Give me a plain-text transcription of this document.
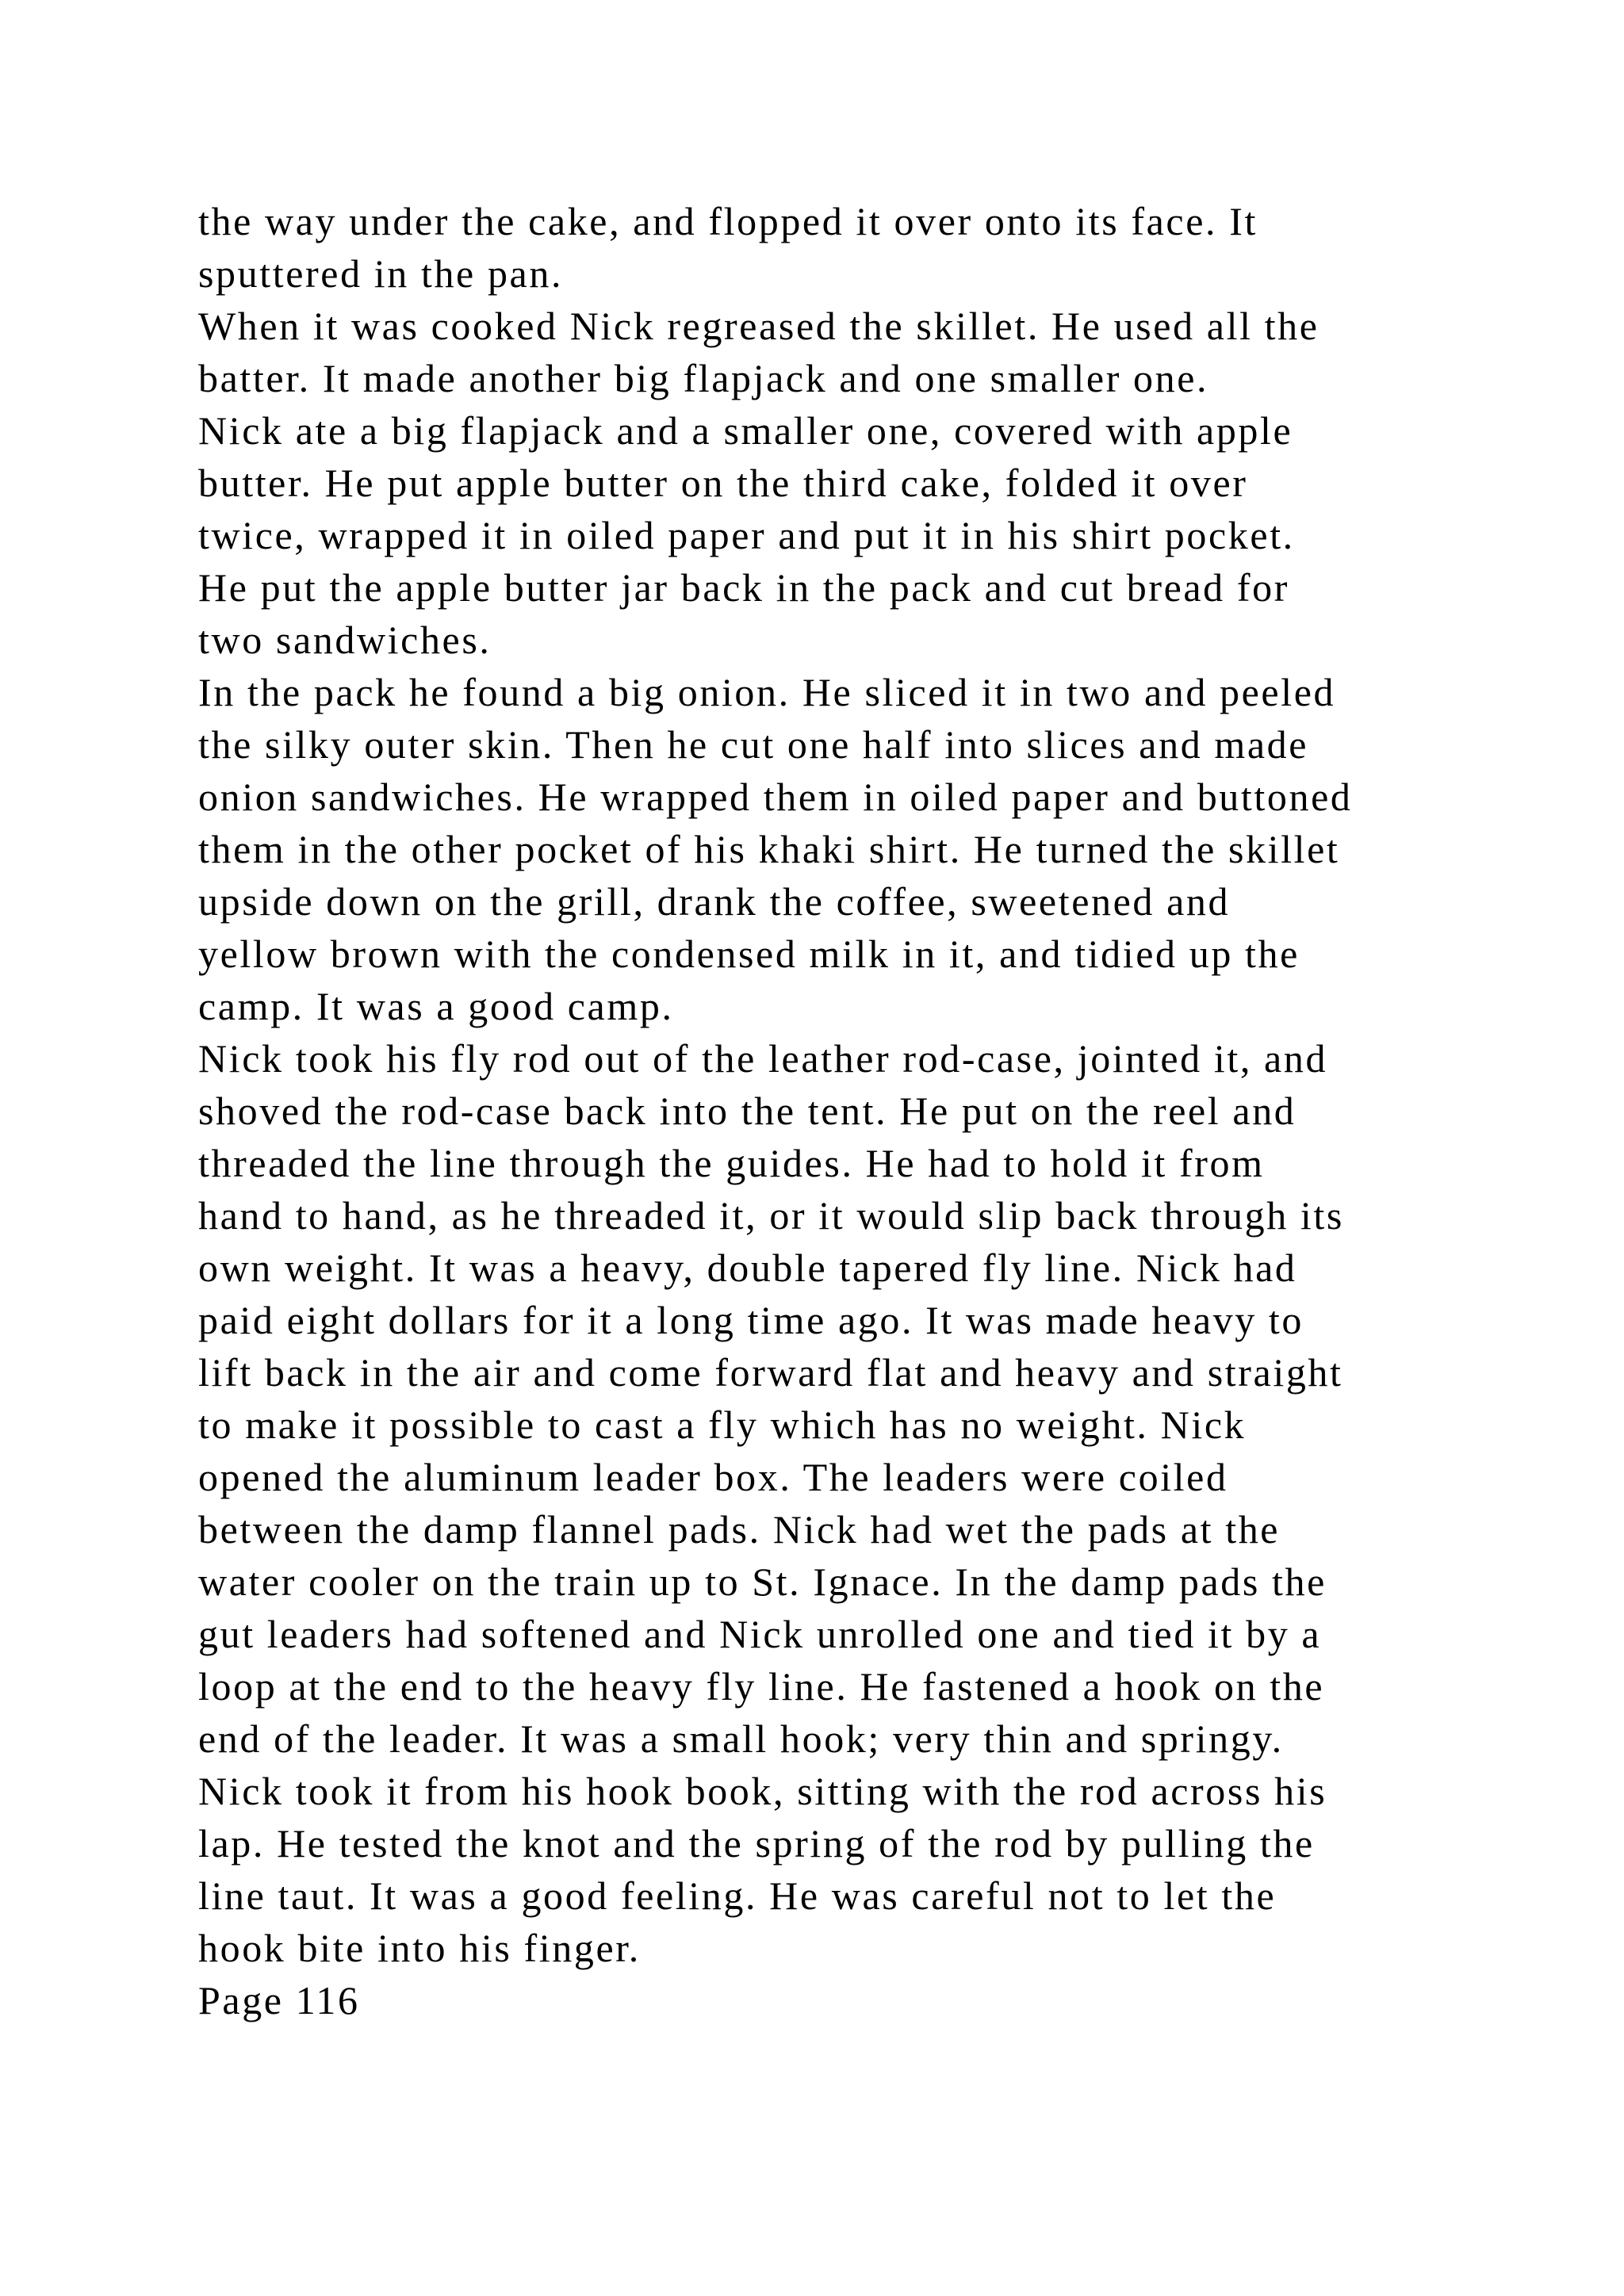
the way under the cake, and flopped it over onto its face. It
sputtered in the pan.
When it was cooked Nick regreased the skillet. He used all the
batter. It made another big flapjack and one smaller one.
Nick ate a big flapjack and a smaller one, covered with apple
butter. He put apple butter on the third cake, folded it over
twice, wrapped it in oiled paper and put it in his shirt pocket.
He put the apple butter jar back in the pack and cut bread for
two sandwiches.
In the pack he found a big onion. He sliced it in two and peeled
the silky outer skin. Then he cut one half into slices and made
onion sandwiches. He wrapped them in oiled paper and buttoned
them in the other pocket of his khaki shirt. He turned the skillet
upside down on the grill, drank the coffee, sweetened and
yellow brown with the condensed milk in it, and tidied up the
camp. It was a good camp.
Nick took his fly rod out of the leather rod-case, jointed it, and
shoved the rod-case back into the tent. He put on the reel and
threaded the line through the guides. He had to hold it from
hand to hand, as he threaded it, or it would slip back through its
own weight. It was a heavy, double tapered fly line. Nick had
paid eight dollars for it a long time ago. It was made heavy to
lift back in the air and come forward flat and heavy and straight
to make it possible to cast a fly which has no weight. Nick
opened the aluminum leader box. The leaders were coiled
between the damp flannel pads. Nick had wet the pads at the
water cooler on the train up to St. Ignace. In the damp pads the
gut leaders had softened and Nick unrolled one and tied it by a
loop at the end to the heavy fly line. He fastened a hook on the
end of the leader. It was a small hook; very thin and springy.
Nick took it from his hook book, sitting with the rod across his
lap. He tested the knot and the spring of the rod by pulling the
line taut. It was a good feeling. He was careful not to let the
hook bite into his finger.
Page 116
